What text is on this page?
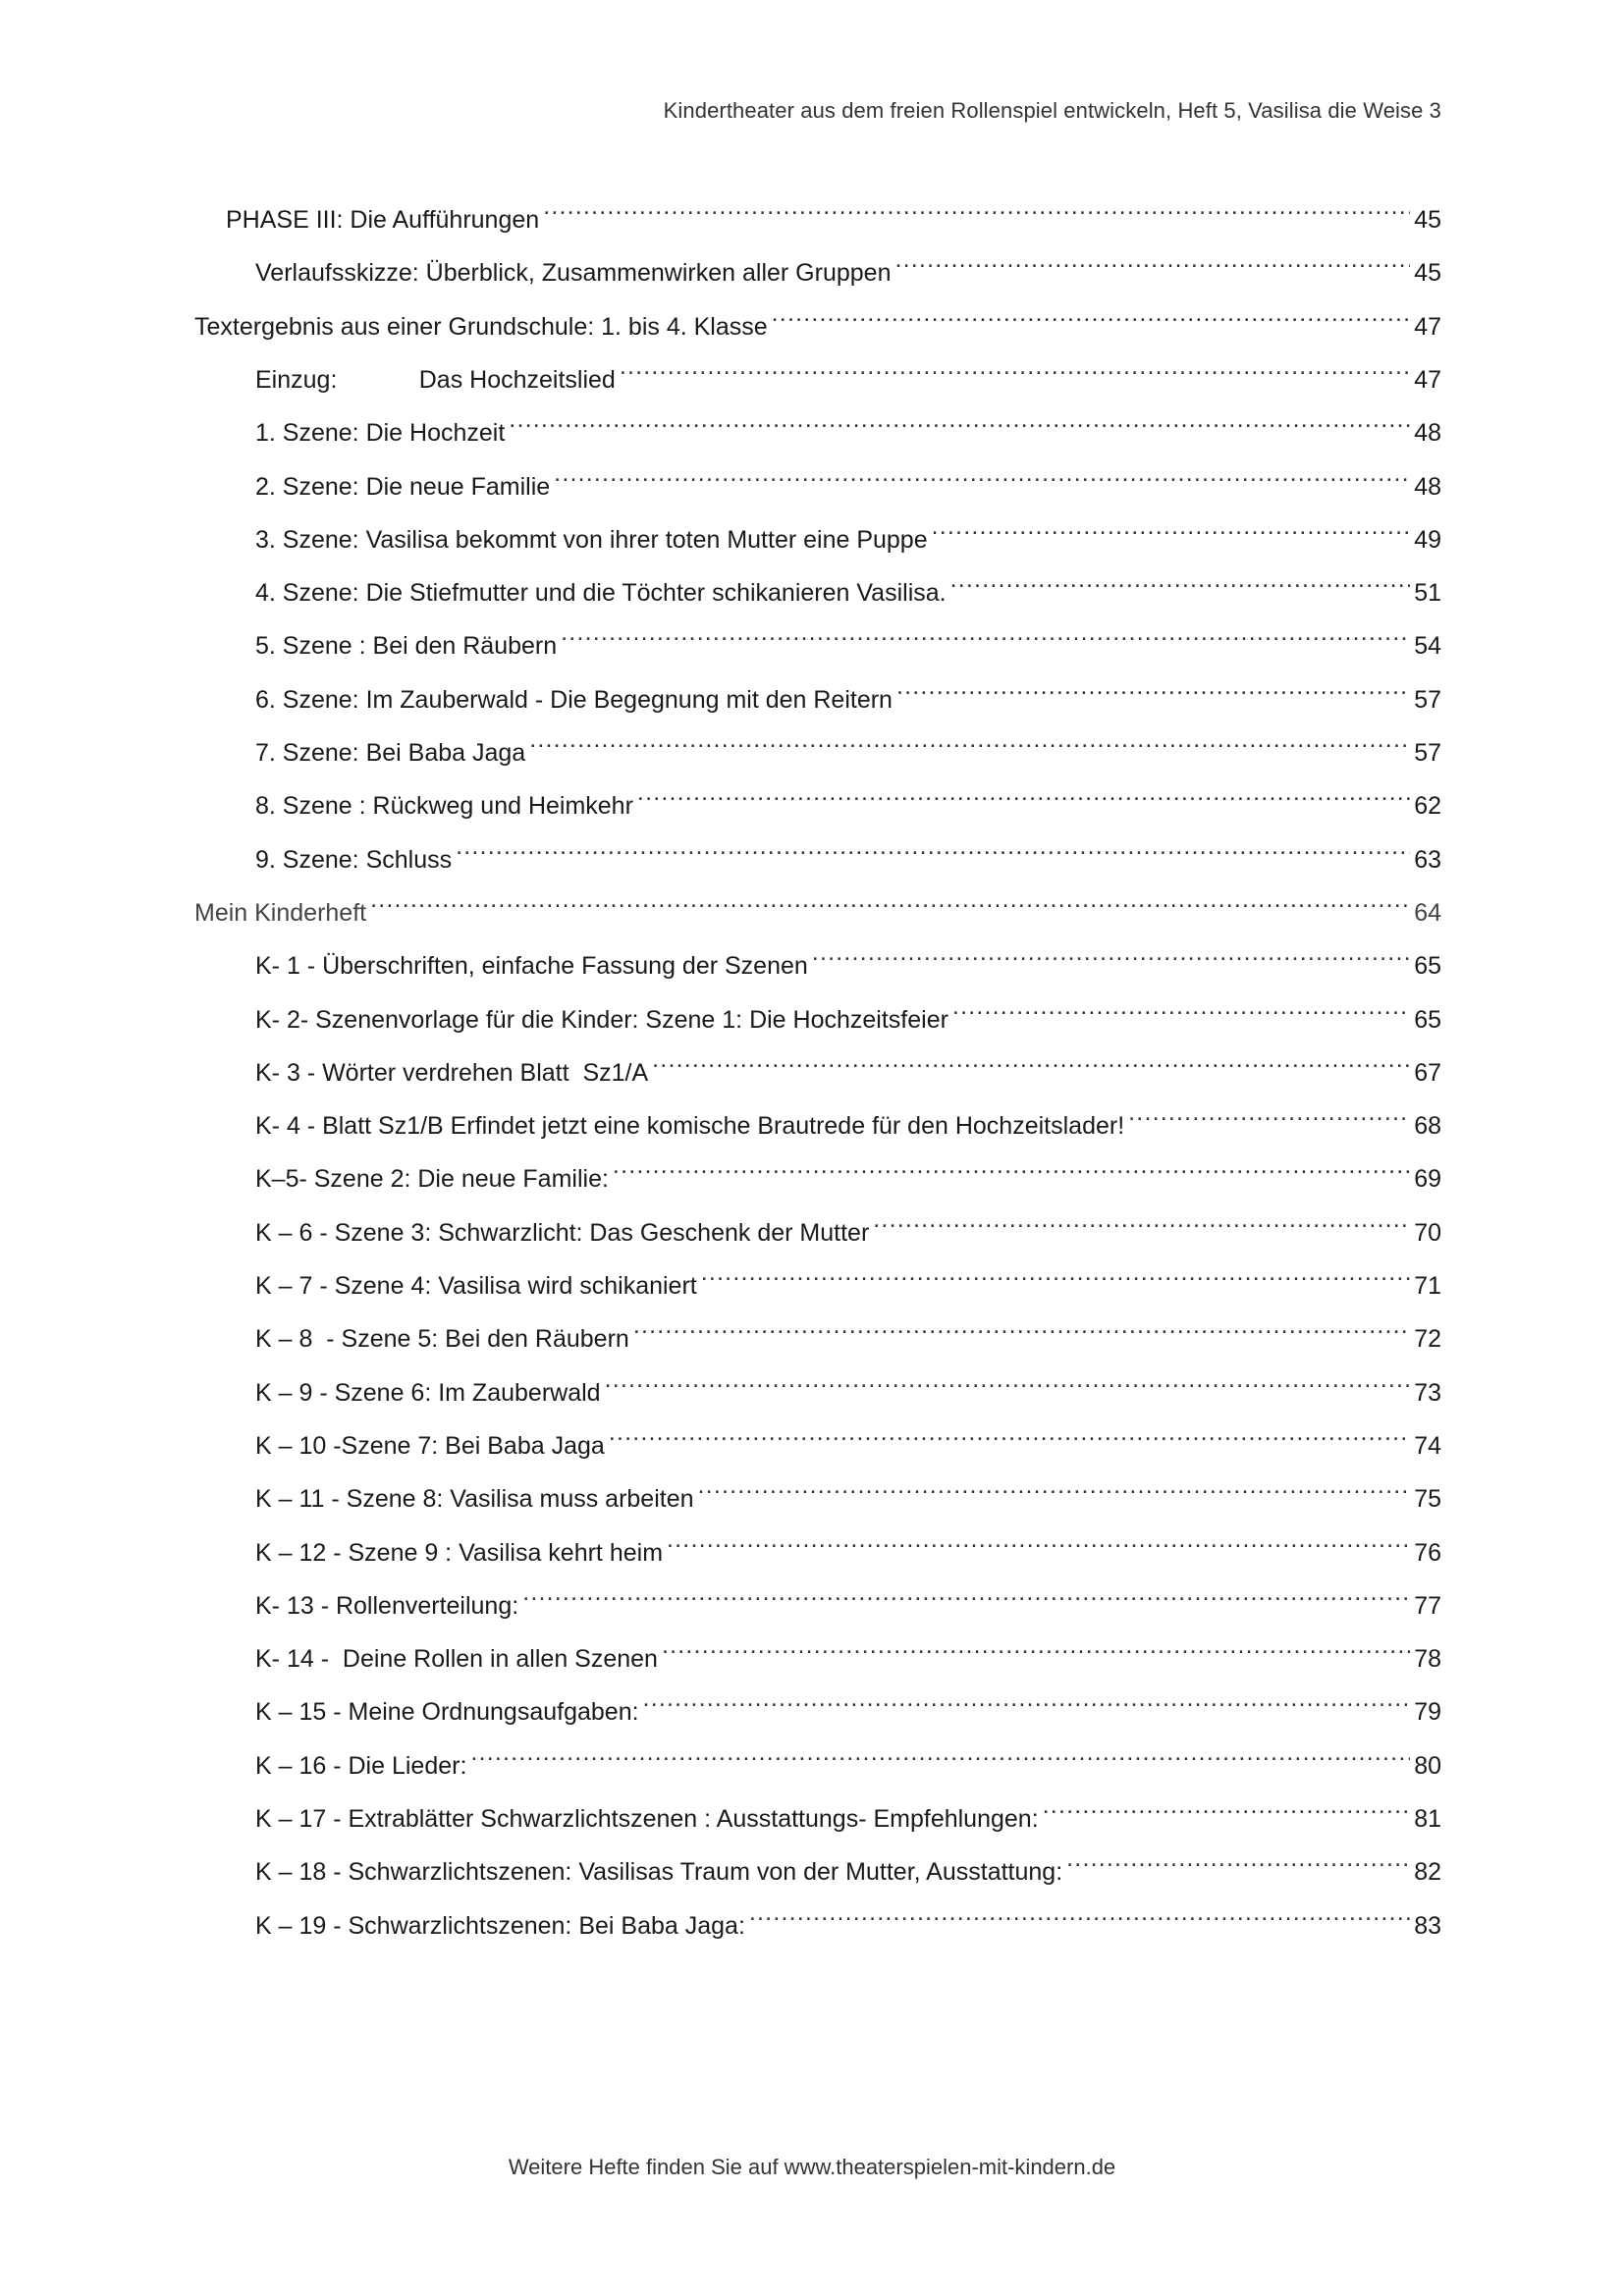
Kindertheater aus dem freien Rollenspiel entwickeln, Heft 5, Vasilisa die Weise 3
PHASE III: Die Aufführungen .....	45
Verlaufsskizze: Überblick, Zusammenwirken aller Gruppen .....	45
Textergebnis aus einer Grundschule: 1. bis 4. Klasse .....	47
Einzug:            Das Hochzeitslied .....	47
1. Szene: Die Hochzeit .....	48
2. Szene: Die neue Familie .....	48
3. Szene: Vasilisa bekommt von ihrer toten Mutter eine Puppe .....	49
4. Szene: Die Stiefmutter und die Töchter schikanieren Vasilisa. .....	51
5. Szene : Bei den Räubern .....	54
6. Szene: Im Zauberwald - Die Begegnung mit den Reitern .....	57
7. Szene: Bei Baba Jaga .....	57
8. Szene : Rückweg und Heimkehr .....	62
9. Szene: Schluss .....	63
Mein Kinderheft .....	64
K- 1 - Überschriften, einfache Fassung der Szenen .....	65
K- 2- Szenenvorlage für die Kinder: Szene 1: Die Hochzeitsfeier .....	65
K- 3 - Wörter verdrehen Blatt  Sz1/A .....	67
K- 4 - Blatt Sz1/B Erfindet jetzt eine komische Brautrede für den Hochzeitslader! .....	68
K–5- Szene 2: Die neue Familie: .....	69
K – 6 - Szene 3: Schwarzlicht: Das Geschenk der Mutter .....	70
K – 7 - Szene 4: Vasilisa wird schikaniert .....	71
K – 8  - Szene 5: Bei den Räubern .....	72
K – 9 - Szene 6: Im Zauberwald .....	73
K – 10 -Szene 7: Bei Baba Jaga .....	74
K – 11 - Szene 8: Vasilisa muss arbeiten .....	75
K – 12 - Szene 9 : Vasilisa kehrt heim .....	76
K- 13 - Rollenverteilung: .....	77
K- 14 -  Deine Rollen in allen Szenen .....	78
K – 15 - Meine Ordnungsaufgaben: .....	79
K – 16 - Die Lieder: .....	80
K – 17 - Extrablätter Schwarzlichtszenen : Ausstattungs- Empfehlungen: .....	81
K – 18 - Schwarzlichtszenen: Vasilisas Traum von der Mutter, Ausstattung: .....	82
K – 19 - Schwarzlichtszenen: Bei Baba Jaga: .....	83
Weitere Hefte finden Sie auf www.theaterspielen-mit-kindern.de
